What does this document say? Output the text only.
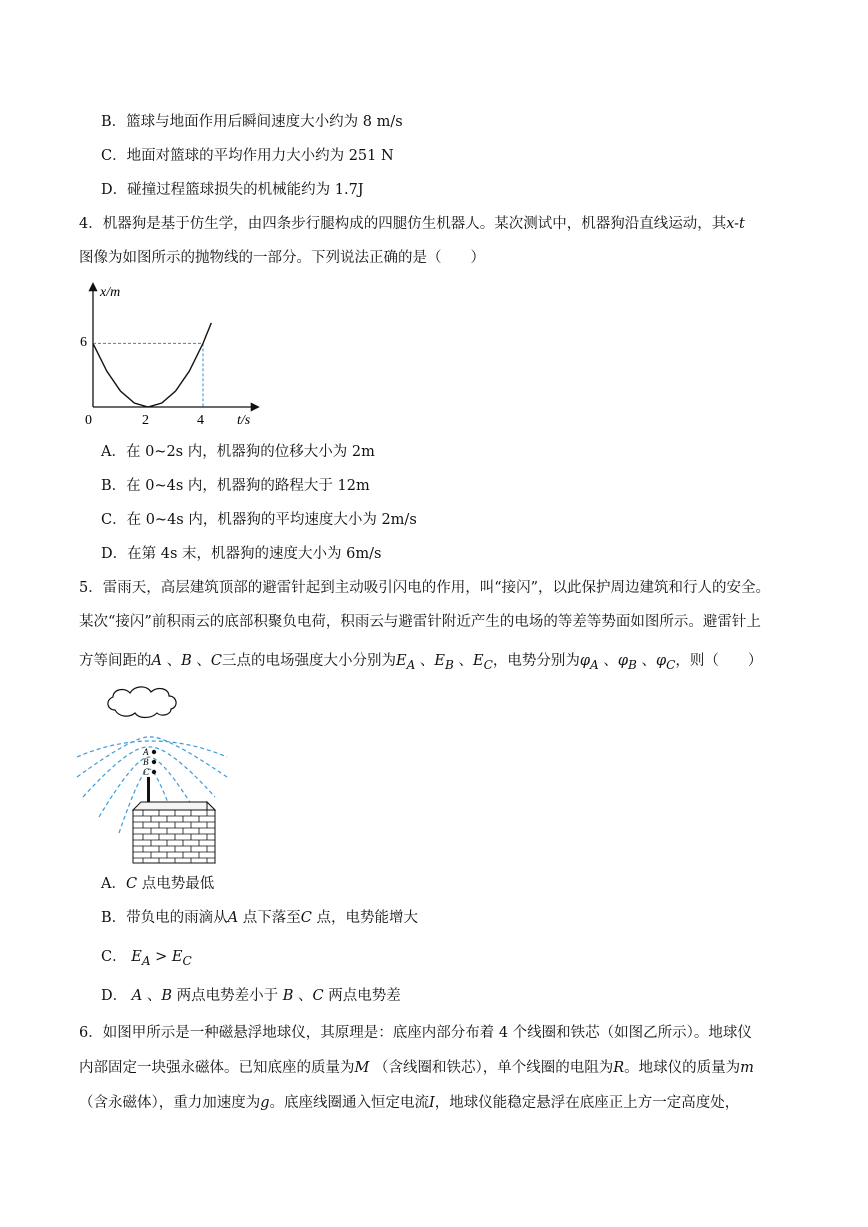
B．篮球与地面作用后瞬间速度大小约为 8 m/s
C．地面对篮球的平均作用力大小约为 251 N
D．碰撞过程篮球损失的机械能约为 1.7J
4．机器狗是基于仿生学，由四条步行腿构成的四腿仿生机器人。某次测试中，机器狗沿直线运动，其x-t
图像为如图所示的抛物线的一部分。下列说法正确的是（　　）
x/m
t/s
6
0	2	4
A．在 0~2s 内，机器狗的位移大小为 2m
B．在 0~4s 内，机器狗的路程大于 12m
C．在 0~4s 内，机器狗的平均速度大小为 2m/s
D．在第 4s 末，机器狗的速度大小为 6m/s
5．雷雨天，高层建筑顶部的避雷针起到主动吸引闪电的作用，叫“接闪”，以此保护周边建筑和行人的安全。
某次“接闪”前积雨云的底部积聚负电荷，积雨云与避雷针附近产生的电场的等差等势面如图所示。避雷针上
方等间距的A 、B 、C三点的电场强度大小分别为$E_A$ 、$E_B$ 、$E_C$，电势分别为$\varphi_A$ 、$\varphi_B$ 、$\varphi_C$，则（　　）
A
B
C
A．C 点电势最低
B．带负电的雨滴从A 点下落至C 点，电势能增大
C． $E_A > E_C$
D． A 、B 两点电势差小于 B 、C 两点电势差
6．如图甲所示是一种磁悬浮地球仪，其原理是：底座内部分布着 4 个线圈和铁芯（如图乙所示）。地球仪
内部固定一块强永磁体。已知底座的质量为M （含线圈和铁芯），单个线圈的电阻为R。地球仪的质量为m
（含永磁体），重力加速度为g。底座线圈通入恒定电流I，地球仪能稳定悬浮在底座正上方一定高度处，
